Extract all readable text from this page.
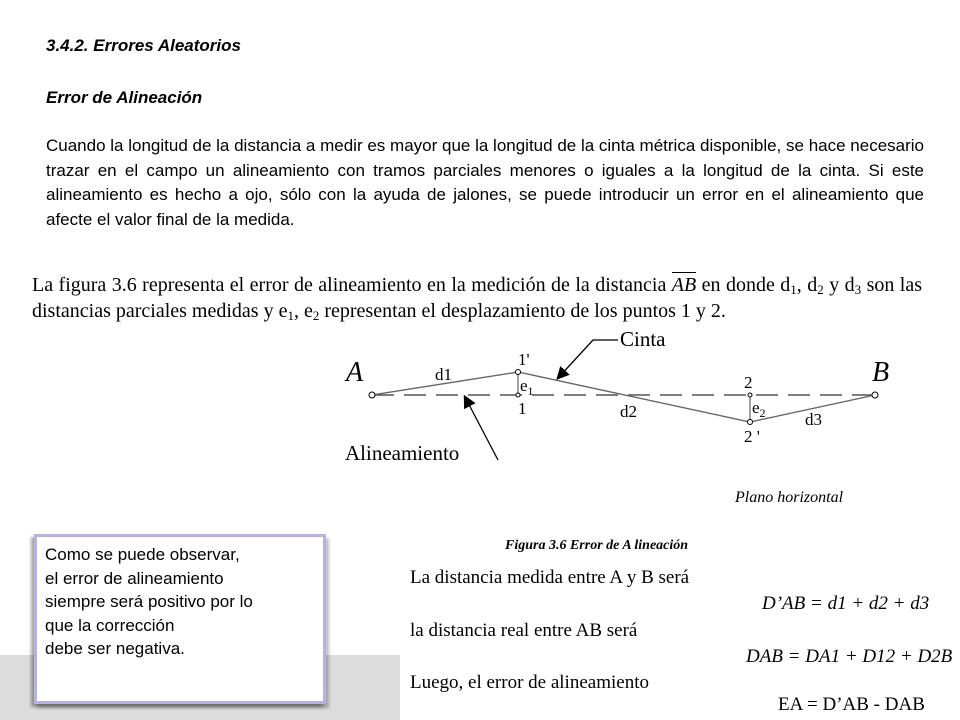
3.4.2. Errores Aleatorios
Error de Alineación
Cuando la longitud de la distancia a medir es mayor que la longitud de la cinta métrica disponible, se hace necesario trazar en el campo un alineamiento con tramos parciales menores o iguales a la longitud de la cinta. Si este alineamiento es hecho a ojo, sólo con la ayuda de jalones, se puede introducir un error en el alineamiento que afecte el valor final de la medida.
La figura 3.6 representa el error de alineamiento en la medición de la distancia AB en donde $d_1$, $d_2$ y $d_3$ son las distancias parciales medidas y $e_1$, $e_2$ representan el desplazamiento de los puntos 1 y 2.
A	B
d1
d2	d3
1'
1
$e_1$	2
2 '
$e_2$
Cinta
Alineamiento
Plano horizontal
Figura 3.6 Error de A lineación
Como se puede observar,
el error de alineamiento
siempre será positivo por lo
que la corrección
debe ser negativa.
La distancia medida entre A y B será
la distancia real entre AB será
Luego, el error de alineamiento
D’AB = d1 + d2 + d3
DAB = DA1 + D12 + D2B
EA = D’AB - DAB
